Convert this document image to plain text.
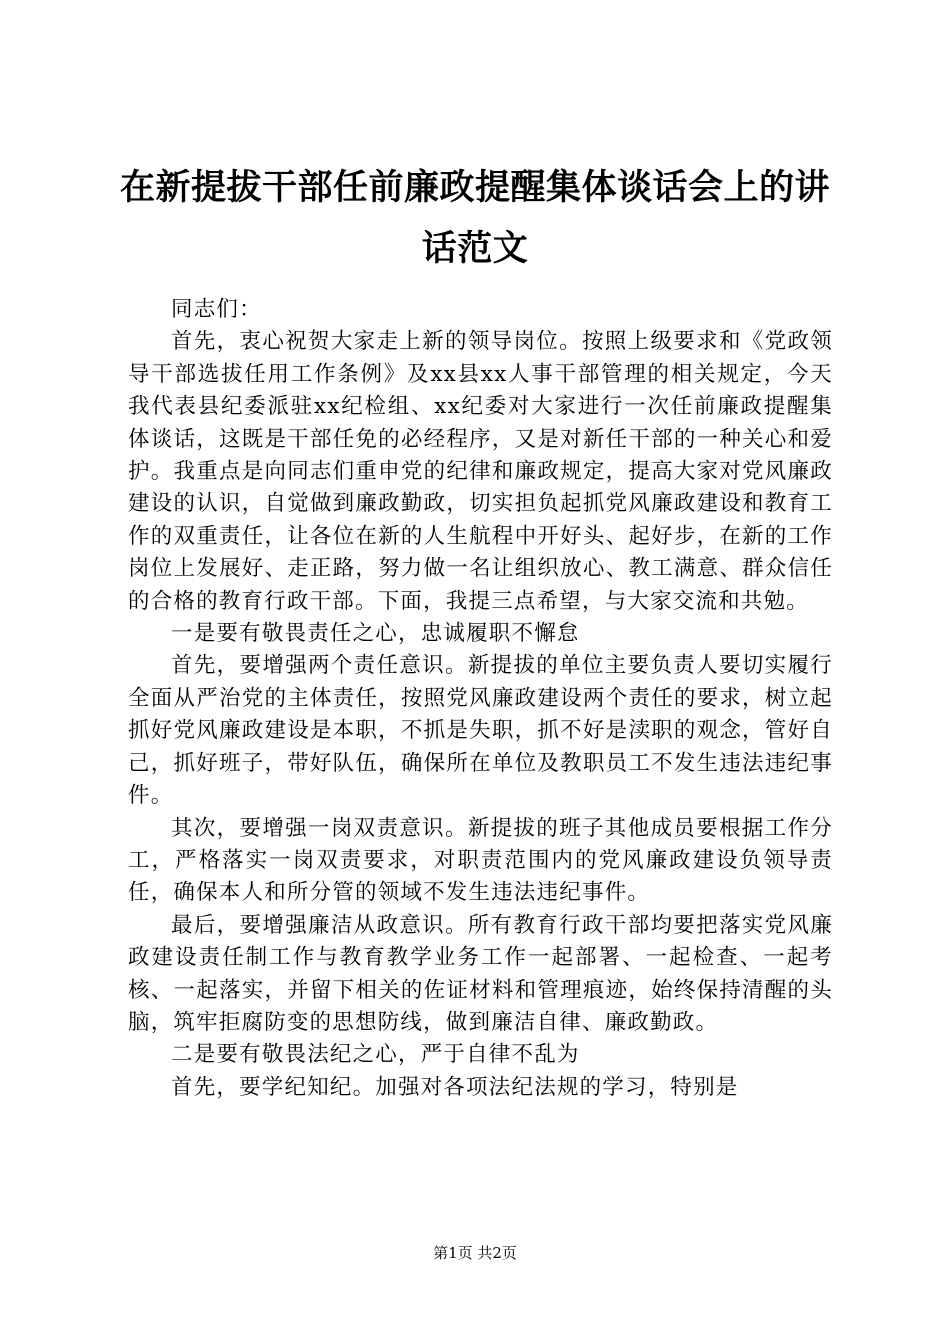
在新提拔干部任前廉政提醒集体谈话会上的讲话范文

同志们：

首先，衷心祝贺大家走上新的领导岗位。按照上级要求和《党政领导干部选拔任用工作条例》及xx县xx人事干部管理的相关规定，今天我代表县纪委派驻xx纪检组、xx纪委对大家进行一次任前廉政提醒集体谈话，这既是干部任免的必经程序，又是对新任干部的一种关心和爱护。我重点是向同志们重申党的纪律和廉政规定，提高大家对党风廉政建设的认识，自觉做到廉政勤政，切实担负起抓党风廉政建设和教育工作的双重责任，让各位在新的人生航程中开好头、起好步，在新的工作岗位上发展好、走正路，努力做一名让组织放心、教工满意、群众信任的合格的教育行政干部。下面，我提三点希望，与大家交流和共勉。

一是要有敬畏责任之心，忠诚履职不懈怠

首先，要增强两个责任意识。新提拔的单位主要负责人要切实履行全面从严治党的主体责任，按照党风廉政建设两个责任的要求，树立起抓好党风廉政建设是本职，不抓是失职，抓不好是渎职的观念，管好自己，抓好班子，带好队伍，确保所在单位及教职员工不发生违法违纪事件。

其次，要增强一岗双责意识。新提拔的班子其他成员要根据工作分工，严格落实一岗双责要求，对职责范围内的党风廉政建设负领导责任，确保本人和所分管的领域不发生违法违纪事件。

最后，要增强廉洁从政意识。所有教育行政干部均要把落实党风廉政建设责任制工作与教育教学业务工作一起部署、一起检查、一起考核、一起落实，并留下相关的佐证材料和管理痕迹，始终保持清醒的头脑，筑牢拒腐防变的思想防线，做到廉洁自律、廉政勤政。

二是要有敬畏法纪之心，严于自律不乱为

首先，要学纪知纪。加强对各项法纪法规的学习，特别是

第1页 共2页
